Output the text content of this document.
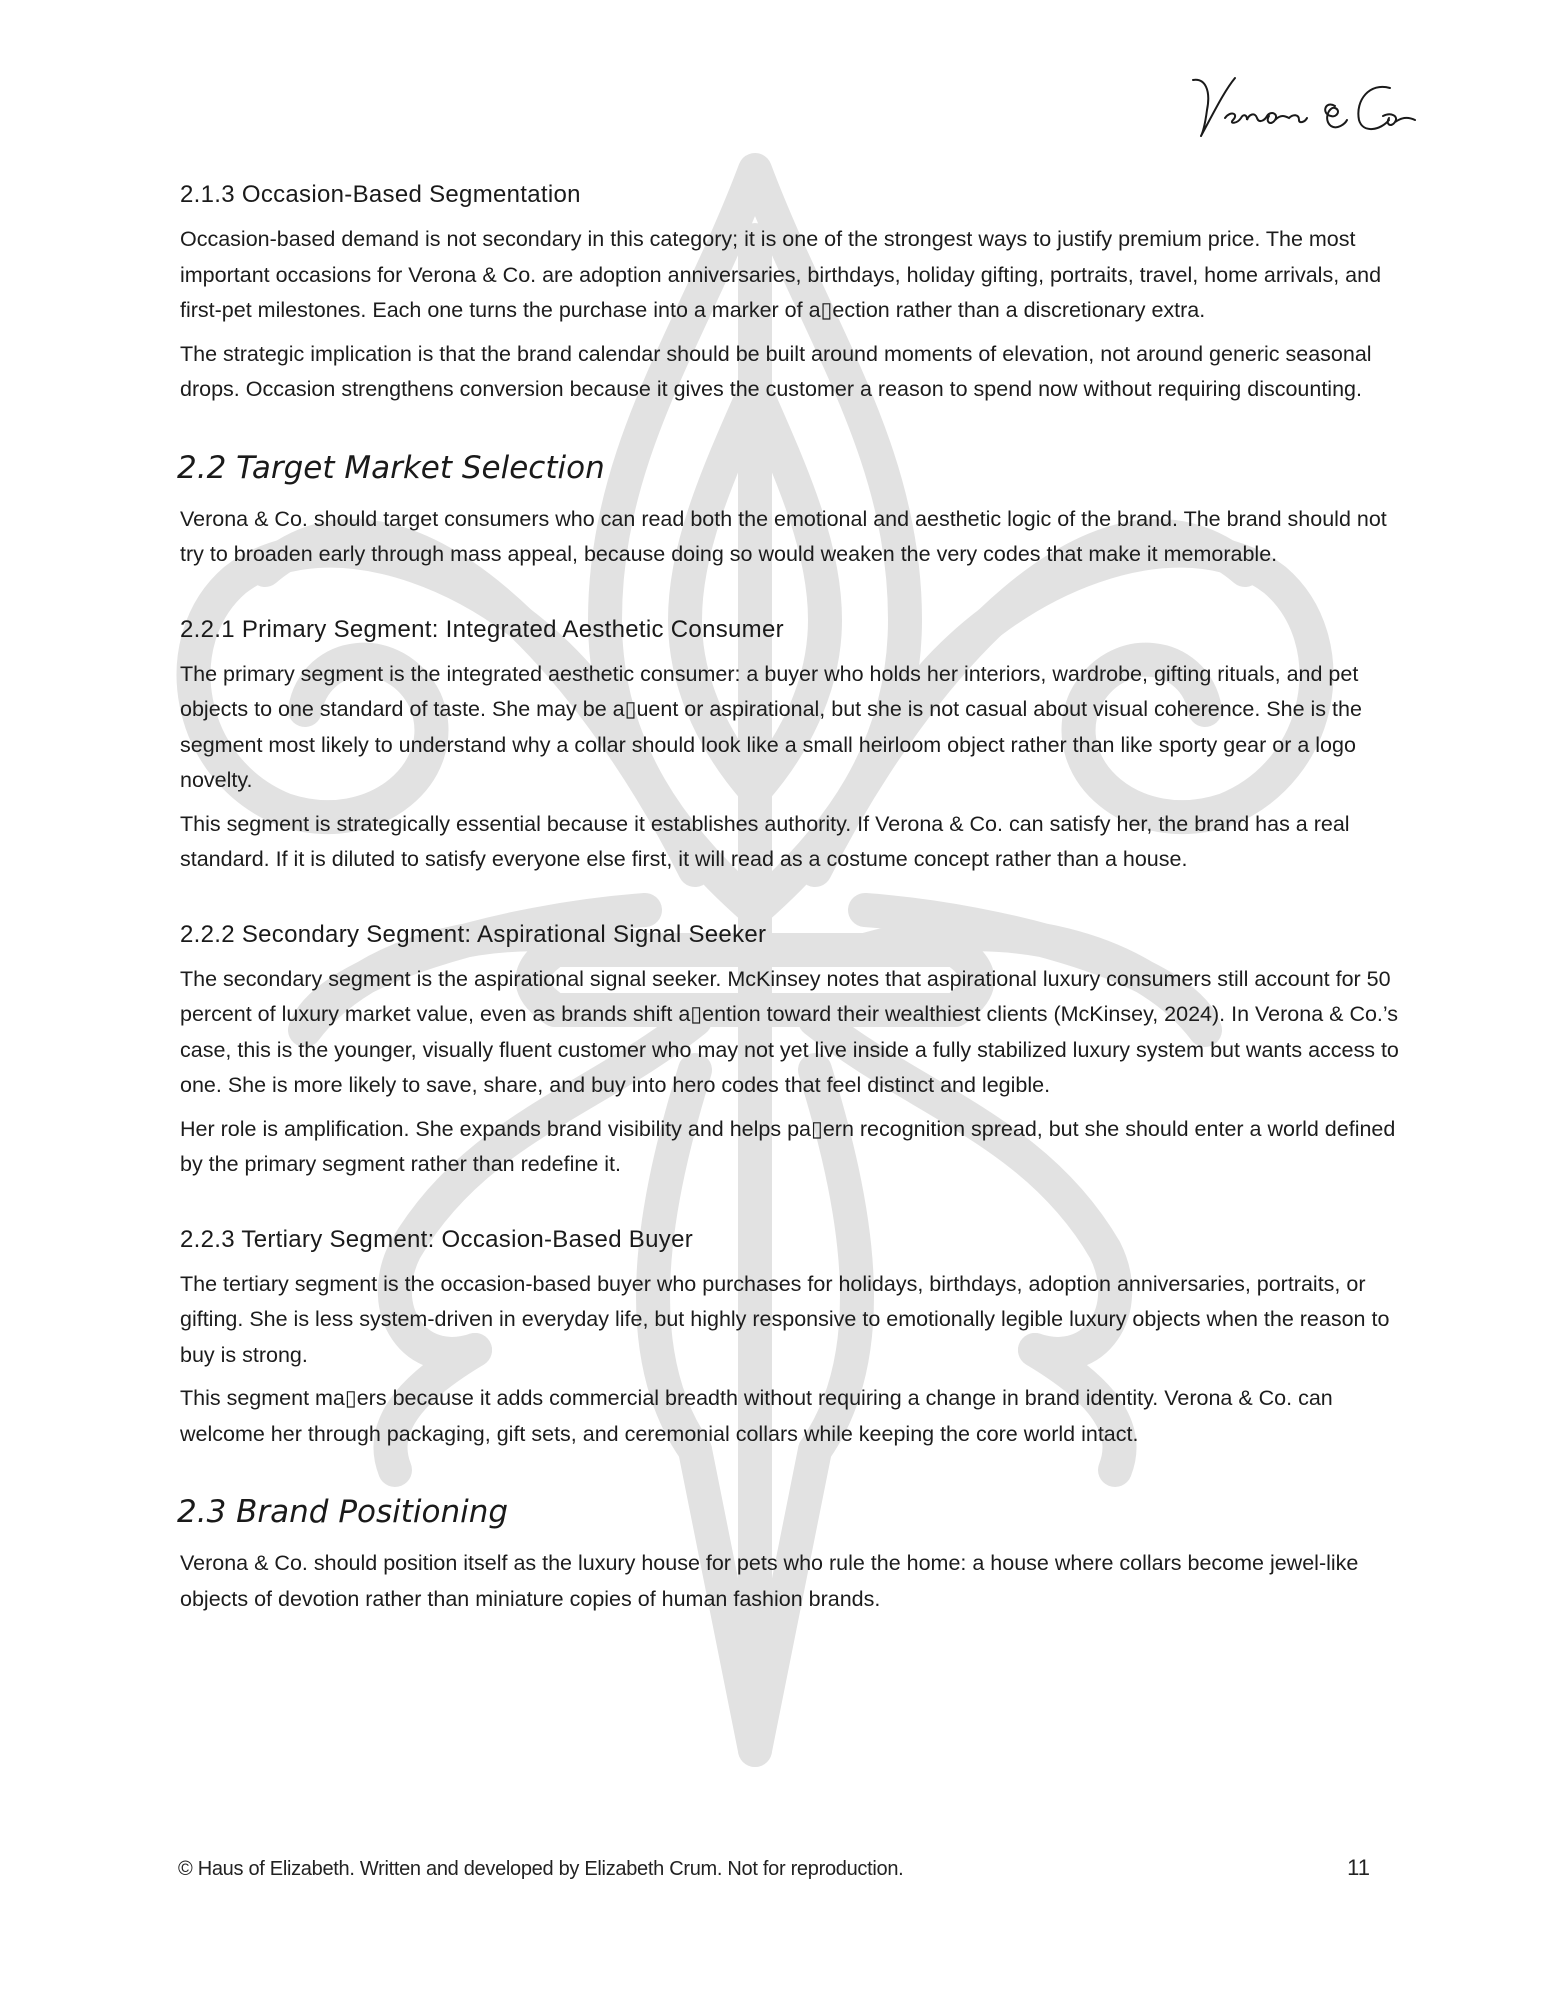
Verona & Co
2.1.3 Occasion-Based Segmentation

Occasion-based demand is not secondary in this category; it is one of the strongest ways to justify premium price. The most important occasions for Verona & Co. are adoption anniversaries, birthdays, holiday gifting, portraits, travel, home arrivals, and first-pet milestones. Each one turns the purchase into a marker of a▯ection rather than a discretionary extra.

The strategic implication is that the brand calendar should be built around moments of elevation, not around generic seasonal drops. Occasion strengthens conversion because it gives the customer a reason to spend now without requiring discounting.

2.2 Target Market Selection

Verona & Co. should target consumers who can read both the emotional and aesthetic logic of the brand. The brand should not try to broaden early through mass appeal, because doing so would weaken the very codes that make it memorable.

2.2.1 Primary Segment: Integrated Aesthetic Consumer

The primary segment is the integrated aesthetic consumer: a buyer who holds her interiors, wardrobe, gifting rituals, and pet objects to one standard of taste. She may be a▯uent or aspirational, but she is not casual about visual coherence. She is the segment most likely to understand why a collar should look like a small heirloom object rather than like sporty gear or a logo novelty.

This segment is strategically essential because it establishes authority. If Verona & Co. can satisfy her, the brand has a real standard. If it is diluted to satisfy everyone else first, it will read as a costume concept rather than a house.

2.2.2 Secondary Segment: Aspirational Signal Seeker

The secondary segment is the aspirational signal seeker. McKinsey notes that aspirational luxury consumers still account for 50 percent of luxury market value, even as brands shift a▯ention toward their wealthiest clients (McKinsey, 2024). In Verona & Co.’s case, this is the younger, visually fluent customer who may not yet live inside a fully stabilized luxury system but wants access to one. She is more likely to save, share, and buy into hero codes that feel distinct and legible.

Her role is amplification. She expands brand visibility and helps pa▯ern recognition spread, but she should enter a world defined by the primary segment rather than redefine it.

2.2.3 Tertiary Segment: Occasion-Based Buyer

The tertiary segment is the occasion-based buyer who purchases for holidays, birthdays, adoption anniversaries, portraits, or gifting. She is less system-driven in everyday life, but highly responsive to emotionally legible luxury objects when the reason to buy is strong.

This segment ma▯ers because it adds commercial breadth without requiring a change in brand identity. Verona & Co. can welcome her through packaging, gift sets, and ceremonial collars while keeping the core world intact.

2.3 Brand Positioning

Verona & Co. should position itself as the luxury house for pets who rule the home: a house where collars become jewel-like objects of devotion rather than miniature copies of human fashion brands.

© Haus of Elizabeth. Written and developed by Elizabeth Crum. Not for reproduction.	11
